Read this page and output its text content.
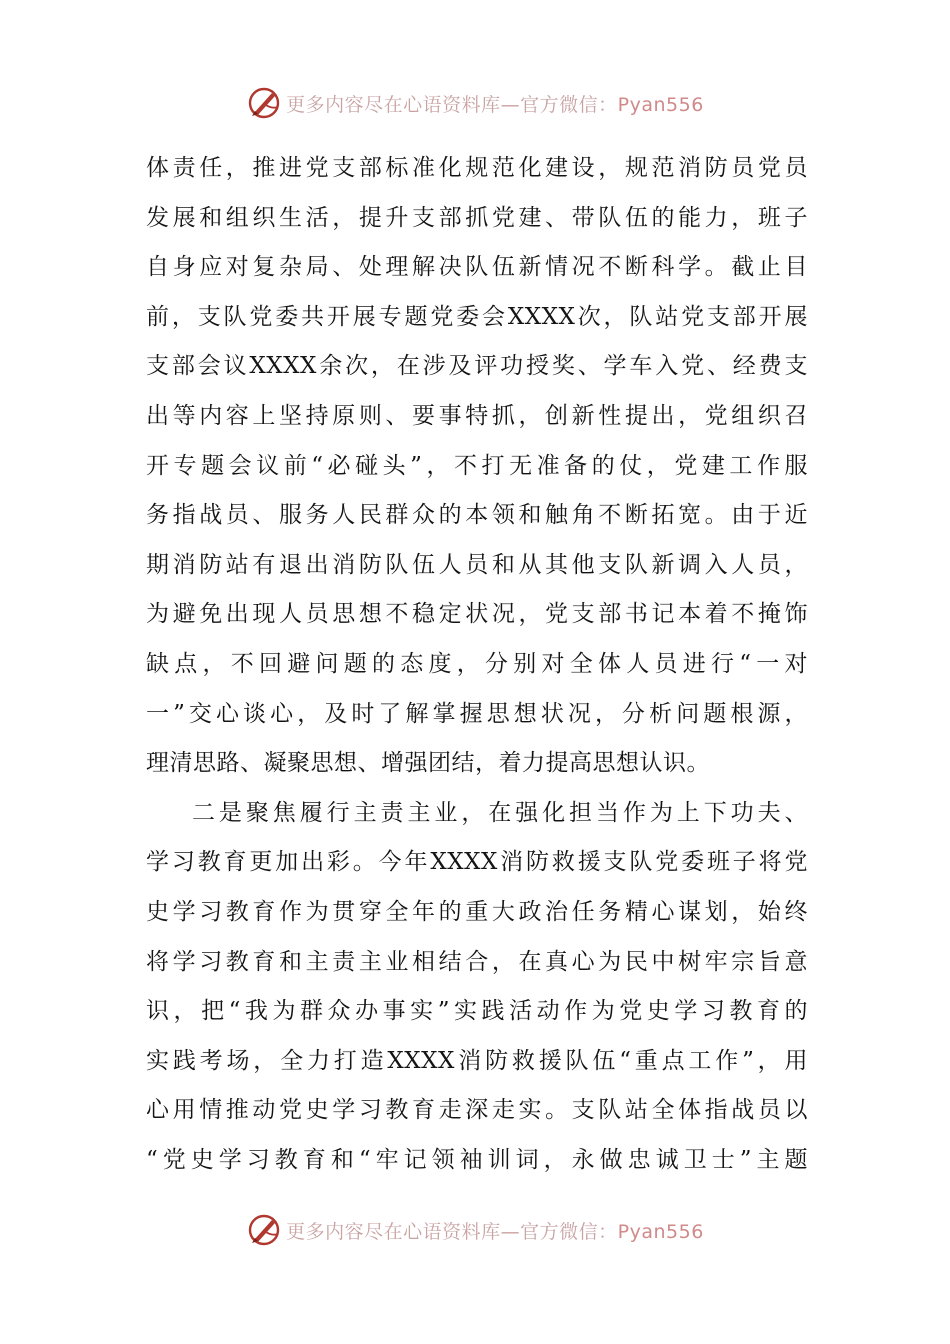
更多内容尽在心语资料库—官方微信：Pyan556
体责任，推进党支部标准化规范化建设，规范消防员党员
发展和组织生活，提升支部抓党建、带队伍的能力，班子
自身应对复杂局、处理解决队伍新情况不断科学。截止目
前，支队党委共开展专题党委会XXXX次，队站党支部开展
支部会议XXXX余次，在涉及评功授奖、学车入党、经费支
出等内容上坚持原则、要事特抓，创新性提出，党组织召
开专题会议前“必碰头”，不打无准备的仗，党建工作服
务指战员、服务人民群众的本领和触角不断拓宽。由于近
期消防站有退出消防队伍人员和从其他支队新调入人员，
为避免出现人员思想不稳定状况，党支部书记本着不掩饰
缺点，不回避问题的态度，分别对全体人员进行“一对
一”交心谈心，及时了解掌握思想状况，分析问题根源，
理清思路、凝聚思想、增强团结，着力提高思想认识。
二是聚焦履行主责主业，在强化担当作为上下功夫、
学习教育更加出彩。今年XXXX消防救援支队党委班子将党
史学习教育作为贯穿全年的重大政治任务精心谋划，始终
将学习教育和主责主业相结合，在真心为民中树牢宗旨意
识，把“我为群众办事实”实践活动作为党史学习教育的
实践考场，全力打造XXXX消防救援队伍“重点工作”，用
心用情推动党史学习教育走深走实。支队站全体指战员以
“党史学习教育和“牢记领袖训词，永做忠诚卫士”主题
更多内容尽在心语资料库—官方微信：Pyan556
